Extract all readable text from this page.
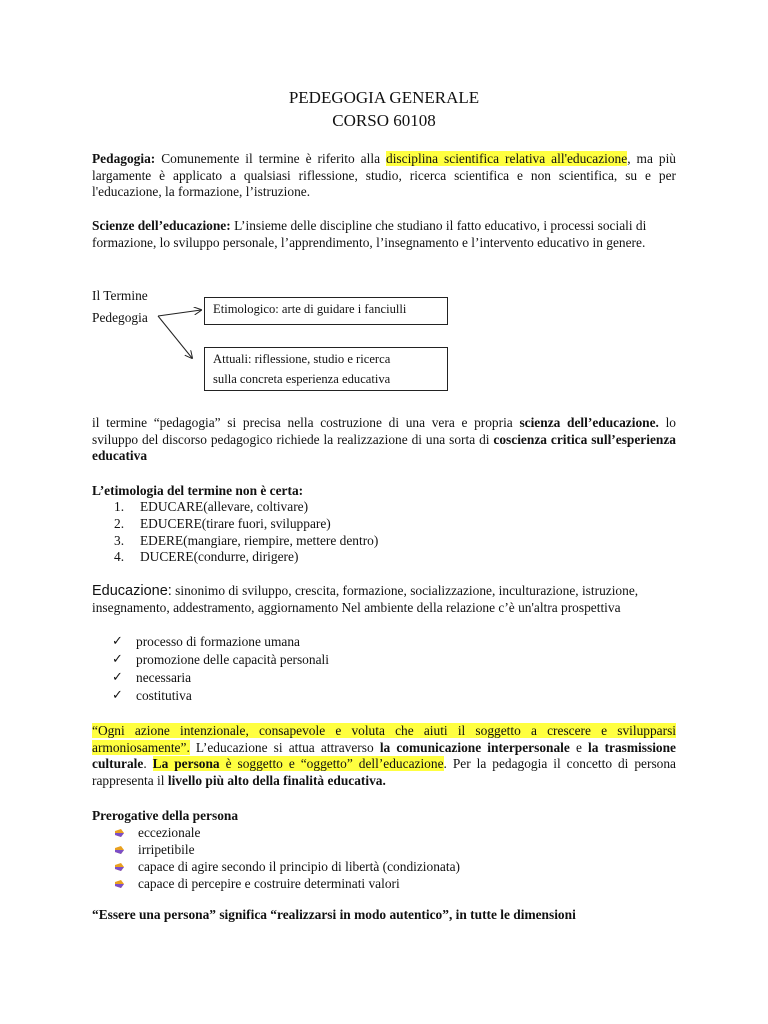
PEDEGOGIA GENERALE
CORSO 60108

Pedagogia: Comunemente il termine è riferito alla disciplina scientifica relativa all'educazione, ma più largamente è applicato a qualsiasi riflessione, studio, ricerca scientifica e non scientifica, su e per l'educazione, la formazione, l’istruzione.

Scienze dell’educazione: L’insieme delle discipline che studiano il fatto educativo, i processi sociali di formazione, lo sviluppo personale, l’apprendimento, l’insegnamento e l’intervento educativo in genere.

Il Termine
Pedegogia
Etimologico: arte di guidare i fanciulli
Attuali: riflessione, studio e ricerca
sulla concreta esperienza educativa

il termine “pedagogia” si precisa nella costruzione di una vera e propria scienza dell’educazione. lo sviluppo del discorso pedagogico richiede la realizzazione di una sorta di coscienza critica sull’esperienza educativa

L’etimologia del termine non è certa:
1. EDUCARE(allevare, coltivare)
2. EDUCERE(tirare fuori, sviluppare)
3. EDERE(mangiare, riempire, mettere dentro)
4. DUCERE(condurre, dirigere)

Educazione: sinonimo di sviluppo, crescita, formazione, socializzazione, inculturazione, istruzione, insegnamento, addestramento, aggiornamento Nel ambiente della relazione c’è un'altra prospettiva

✓ processo di formazione umana
✓ promozione delle capacità personali
✓ necessaria
✓ costitutiva

“Ogni azione intenzionale, consapevole e voluta che aiuti il soggetto a crescere e svilupparsi armoniosamente”. L’educazione si attua attraverso la comunicazione interpersonale e la trasmissione culturale. La persona è soggetto e “oggetto” dell’educazione. Per la pedagogia il concetto di persona rappresenta il livello più alto della finalità educativa.

Prerogative della persona
eccezionale
irripetibile
capace di agire secondo il principio di libertà (condizionata)
capace di percepire e costruire determinati valori
“Essere una persona” significa “realizzarsi in modo autentico”, in tutte le dimensioni
